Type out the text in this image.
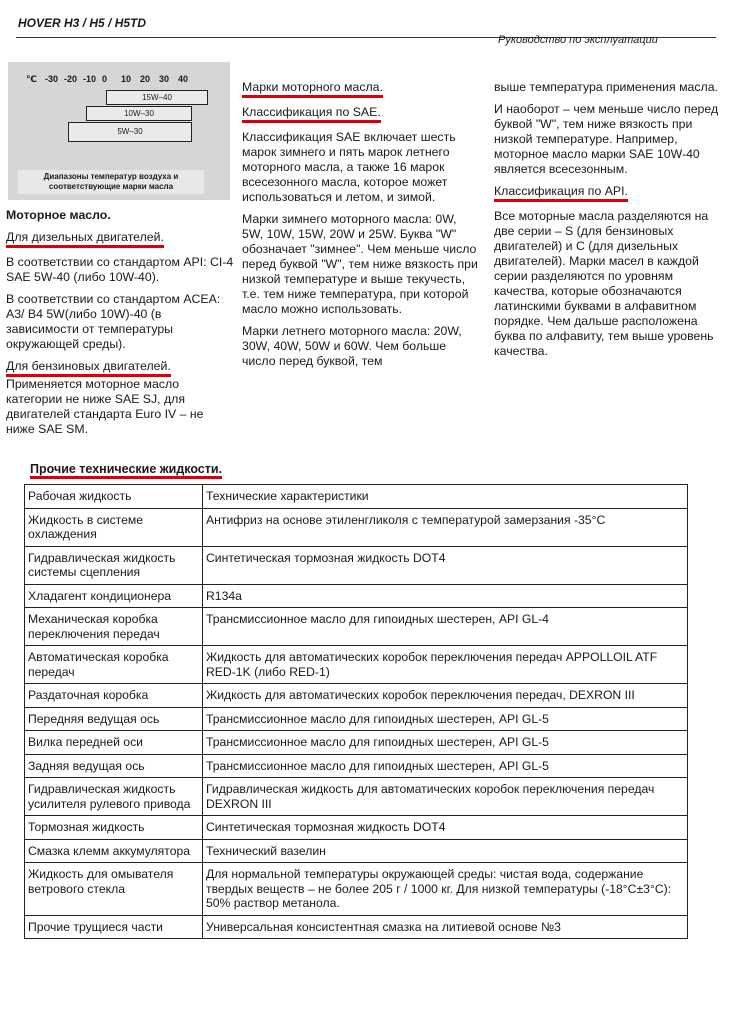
HOVER H3 / H5 / H5TD
Руководство по эксплуатации
℃ -30 -20 -10 0 10 20 30 40
15W–40
10W–30
5W–30
Диапазоны температур воздуха и соответствующие марки масла

Моторное масло.

Для дизельных двигателей.

В соответствии со стандартом API: CI-4 SAE 5W-40 (либо 10W-40).

В соответствии со стандартом ACEA: A3/ B4 5W(либо 10W)-40 (в зависимости от температуры окружающей среды).

Для бензиновых двигателей.

Применяется моторное масло категории не ниже SAE SJ, для двигателей стандарта Euro IV – не ниже SAE SM.

Марки моторного масла.

Классификация по SAE.

Классификация SAE включает шесть марок зимнего и пять марок летнего моторного масла, а также 16 марок всесезонного масла, которое может использоваться и летом, и зимой.

Марки зимнего моторного масла: 0W, 5W, 10W, 15W, 20W и 25W. Буква "W" обозначает "зимнее". Чем меньше число перед буквой "W", тем ниже вязкость при низкой температуре и выше текучесть, т.е. тем ниже температура, при которой масло можно использовать.

Марки летнего моторного масла: 20W, 30W, 40W, 50W и 60W. Чем больше число перед буквой, тем

выше температура применения масла.

И наоборот – чем меньше число перед буквой "W", тем ниже вязкость при низкой температуре. Например, моторное масло марки SAE 10W-40 является всесезонным.

Классификация по API.

Все моторные масла разделяются на две серии – S (для бензиновых двигателей) и C (для дизельных двигателей). Марки масел в каждой серии разделяются по уровням качества, которые обозначаются латинскими буквами в алфавитном порядке. Чем дальше расположена буква по алфавиту, тем выше уровень качества.

Прочие технические жидкости.
Рабочая жидкость	Технические характеристики
Жидкость в системе охлаждения	Антифриз на основе этиленгликоля с температурой замерзания -35°C
Гидравлическая жидкость системы сцепления	Синтетическая тормозная жидкость DOT4
Хладагент кондиционера	R134a
Механическая коробка переключения передач	Трансмиссионное масло для гипоидных шестерен, API GL-4
Автоматическая коробка передач	Жидкость для автоматических коробок переключения передач APPOLLOIL ATF RED-1K (либо RED-1)
Раздаточная коробка	Жидкость для автоматических коробок переключения передач, DEXRON III
Передняя ведущая ось	Трансмиссионное масло для гипоидных шестерен, API GL-5
Вилка передней оси	Трансмиссионное масло для гипоидных шестерен, API GL-5
Задняя ведущая ось	Трансмиссионное масло для гипоидных шестерен, API GL-5
Гидравлическая жидкость усилителя рулевого привода	Гидравлическая жидкость для автоматических коробок переключения передач DEXRON III
Тормозная жидкость	Синтетическая тормозная жидкость DOT4
Смазка клемм аккумулятора	Технический вазелин
Жидкость для омывателя ветрового стекла	Для нормальной температуры окружающей среды: чистая вода, содержание твердых веществ – не более 205 г / 1000 кг. Для низкой температуры (-18°C±3°C): 50% раствор метанола.
Прочие трущиеся части	Универсальная консистентная смазка на литиевой основе №3
